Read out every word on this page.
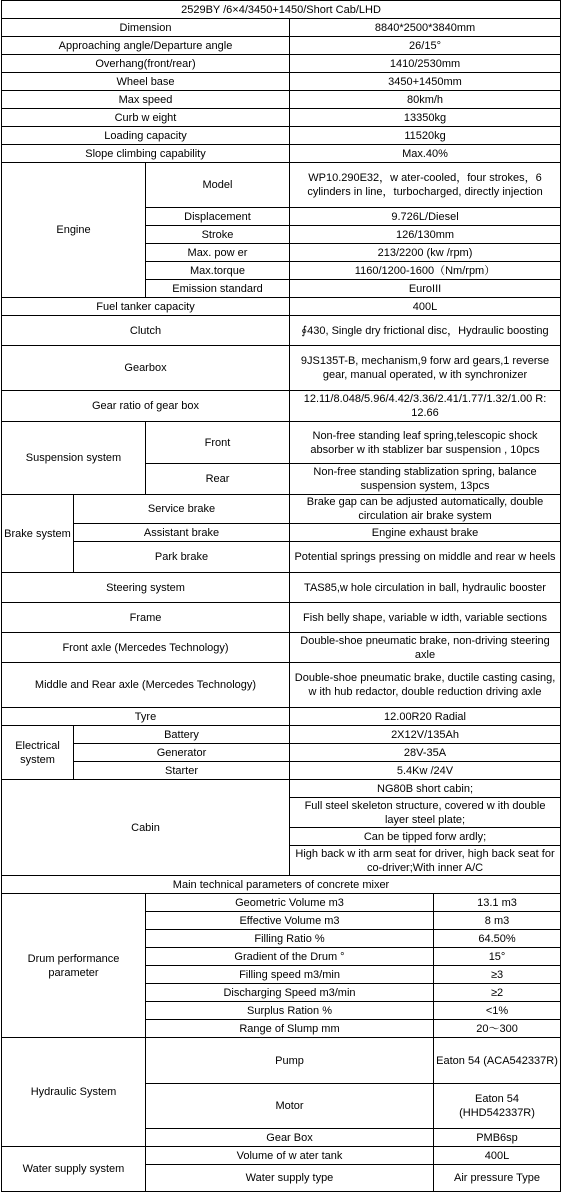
2529BY /6×4/3450+1450/Short Cab/LHD				
Dimension			8840*2500*3840mm	
Approaching angle/Departure angle			26/15°	
Overhang(front/rear)			1410/2530mm	
Wheel base			3450+1450mm	
Max speed			80km/h	
Curb w eight			13350kg	
Loading capacity			11520kg	
Slope climbing capability			Max.40%	
Engine		Model	WP10.290E32，w ater-cooled，four strokes，6 cylinders in line，turbocharged, directly injection	
		Displacement	9.726L/Diesel	
		Stroke	126/130mm	
		Max. pow er	213/2200 (kw /rpm)	
		Max.torque	1160/1200-1600（Nm/rpm）	
		Emission standard	EuroIII	
Fuel tanker capacity			400L	
Clutch			∮430, Single dry frictional disc，Hydraulic boosting	
Gearbox			9JS135T-B, mechanism,9 forw ard gears,1 reverse gear, manual operated, w ith synchronizer	
Gear ratio of gear box			12.11/8.048/5.96/4.42/3.36/2.41/1.77/1.32/1.00 R: 12.66	
Suspension system		Front	Non-free standing leaf spring,telescopic shock absorber w ith stablizer bar suspension , 10pcs	
		Rear	Non-free standing stablization spring, balance suspension system, 13pcs	
Brake system	Service brake		Brake gap can be adjusted automatically, double circulation air brake system	
	Assistant brake		Engine exhaust brake	
	Park brake		Potential springs pressing on middle and rear w heels	
Steering system			TAS85,w hole circulation in ball, hydraulic booster	
Frame			Fish belly shape, variable w idth, variable sections	
Front axle (Mercedes Technology)			Double-shoe pneumatic brake, non-driving steering axle	
Middle and Rear axle (Mercedes Technology)			Double-shoe pneumatic brake, ductile casting casing, w ith hub redactor, double reduction driving axle	
Tyre			12.00R20 Radial	
Electrical system	Battery		2X12V/135Ah	
	Generator		28V-35A	
	Starter		5.4Kw /24V	
Cabin			NG80B short cabin;	
			Full steel skeleton structure, covered w ith double layer steel plate;	
			Can be tipped forw ardly;	
			High back w ith arm seat for driver, high back seat for co-driver;With inner A/C	
Main technical parameters of concrete mixer				
Drum performance parameter		Geometric Volume m3		13.1 m3
		Effective Volume m3		8 m3
		Filling Ratio %		64.50%
		Gradient of the Drum °		15°
		Filling speed m3/min		≥3
		Discharging Speed m3/min		≥2
		Surplus Ration %		<1%
		Range of Slump mm		20～300
Hydraulic System		Pump		Eaton 54 (ACA542337R)
		Motor		Eaton 54 (HHD542337R)
		Gear Box		PMB6sp
Water supply system		Volume of w ater tank		400L
		Water supply type		Air pressure Type
